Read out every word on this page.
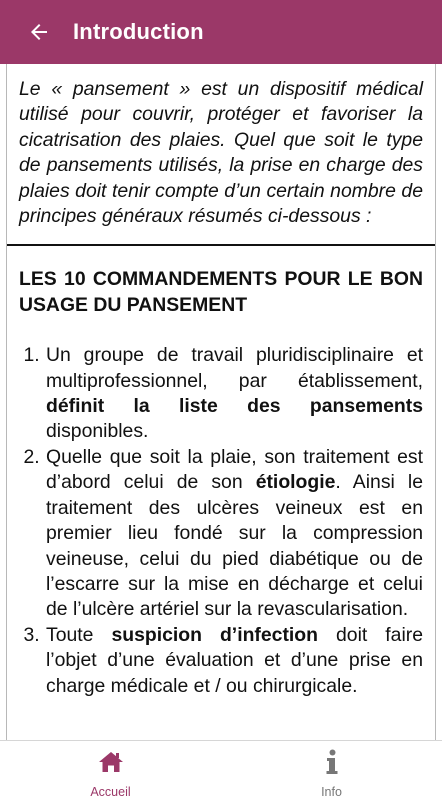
Introduction

Le « pansement » est un dispositif médical utilisé pour couvrir, protéger et favoriser la cicatrisation des plaies. Quel que soit le type de pansements utilisés, la prise en charge des plaies doit tenir compte d’un certain nombre de principes généraux résumés ci-dessous :

LES 10 COMMANDEMENTS POUR LE BON USAGE DU PANSEMENT
1. Un groupe de travail pluridisciplinaire et multiprofessionnel, par établissement, définit la liste des pansements disponibles.
2. Quelle que soit la plaie, son traitement est d’abord celui de son étiologie. Ainsi le traitement des ulcères veineux est en premier lieu fondé sur la compression veineuse, celui du pied diabétique ou de l’escarre sur la mise en décharge et celui de l’ulcère artériel sur la revascularisation.
3. Toute suspicion d’infection doit faire l’objet d’une évaluation et d’une prise en charge médicale et / ou chirurgicale.
Accueil	Info
